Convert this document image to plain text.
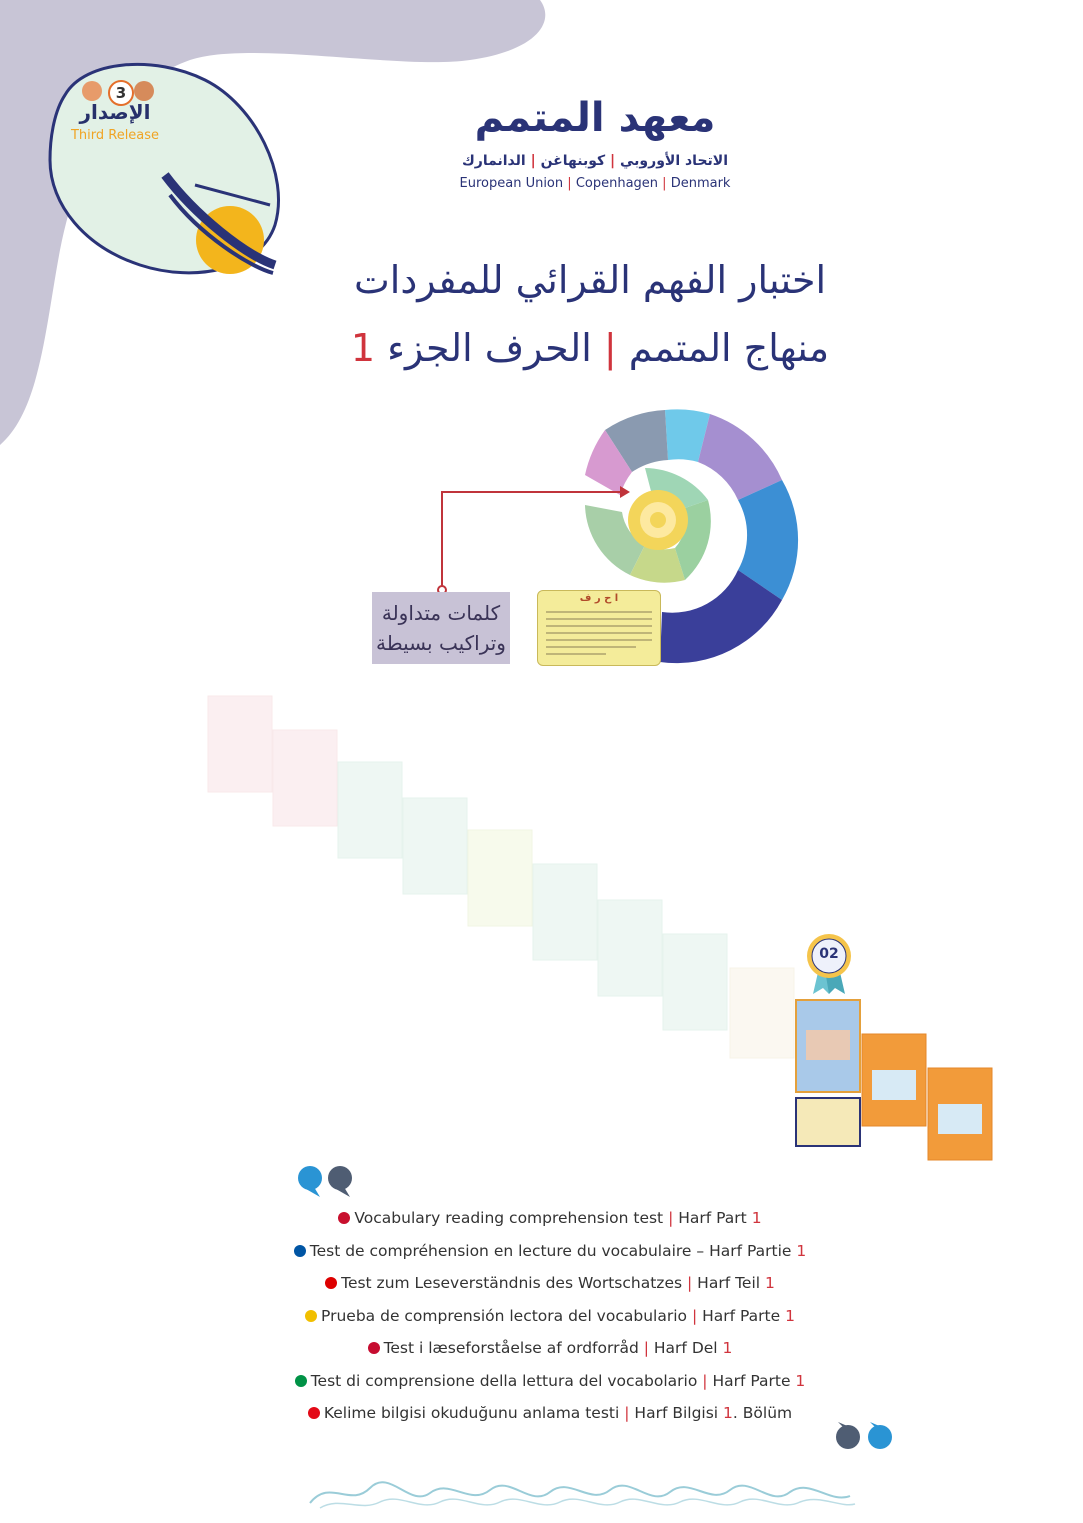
3
الإصدار
Third Release	معهد المتمم
الاتحاد الأوروبي | كوبنهاغن | الدانمارك
European Union | Copenhagen | Denmark
اختبار الفهم القرائي للمفردات
منهاج المتمم | الحرف الجزء 1
كلمات متداولة
وتراكيب بسيطة
ا ح ر ف
02
Vocabulary reading comprehension test | Harf Part 1
Test de compréhension en lecture du vocabulaire – Harf Partie 1
Test zum Leseverständnis des Wortschatzes | Harf Teil 1
Prueba de comprensión lectora del vocabulario | Harf Parte 1
Test i læseforståelse af ordforråd | Harf Del 1
Test di comprensione della lettura del vocabolario | Harf Parte 1
Kelime bilgisi okuduğunu anlama testi | Harf Bilgisi 1. Bölüm
